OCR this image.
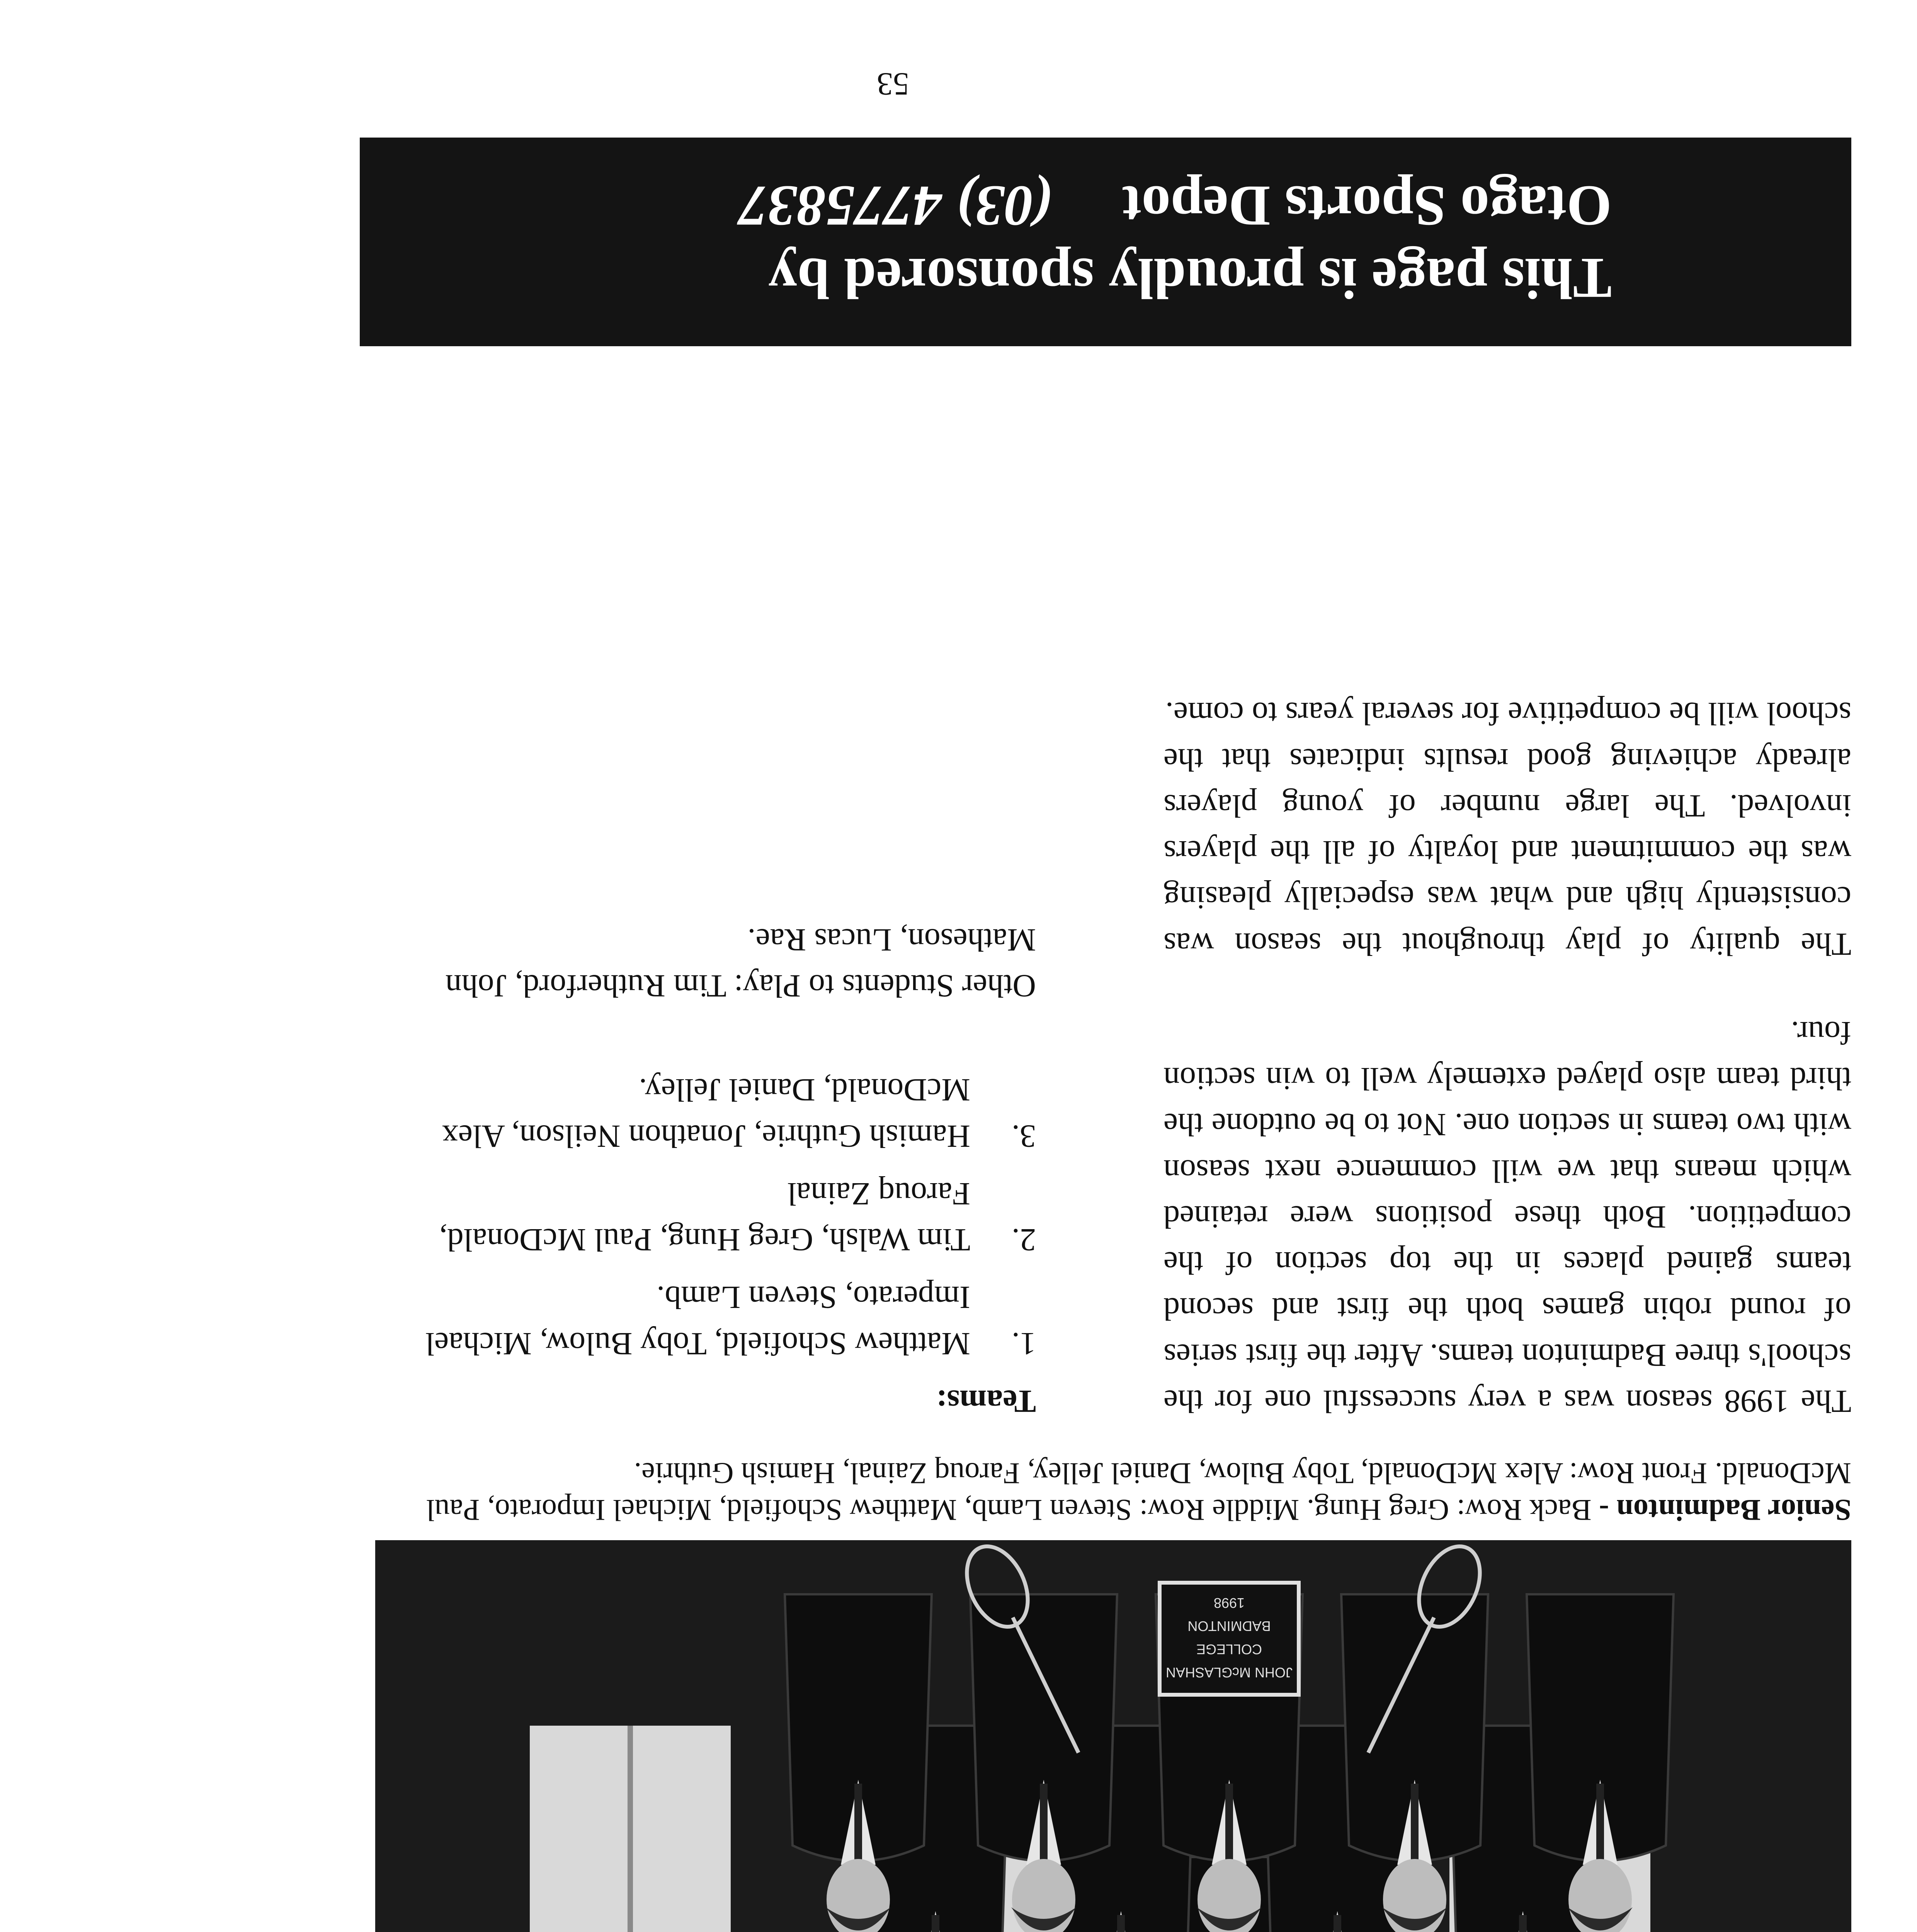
JOHN McGLASHAN
COLLEGE
BADMINTON
1998
Senior Badminton - Back Row: Greg Hung. Middle Row: Steven Lamb, Matthew Schofield, Michael Imporato, Paul McDonald. Front Row: Alex McDonald, Toby Bulow, Daniel Jelley, Farouq Zainal, Hamish Guthrie.

The 1998 season was a very successful one for the school's three Badminton teams. After the first series of round robin games both the first and second teams gained places in the top section of the competition. Both these positions were retained which means that we will commence next season with two teams in section one. Not to be outdone the third team also played extemely well to win section four.

The quality of play throughout the season was consistently high and what was especially pleasing was the commitment and loyalty of all the players involved. The large number of young players already achieving good results indicates that the school will be competitive for several years to come.

Teams:
1.
Matthew Schofield, Toby Bulow, Michael Imperato, Steven Lamb.
2.
Tim Walsh, Greg Hung, Paul McDonald, Farouq Zainal
3.
Hamish Guthrie, Jonathon Neilson, Alex McDonald, Daniel Jelley.
Other Students to Play: Tim Rutherford, John Matheson, Lucas Rae.
This page is proudly sponsored by
Otago Sports Depot
(03) 4775837
53
